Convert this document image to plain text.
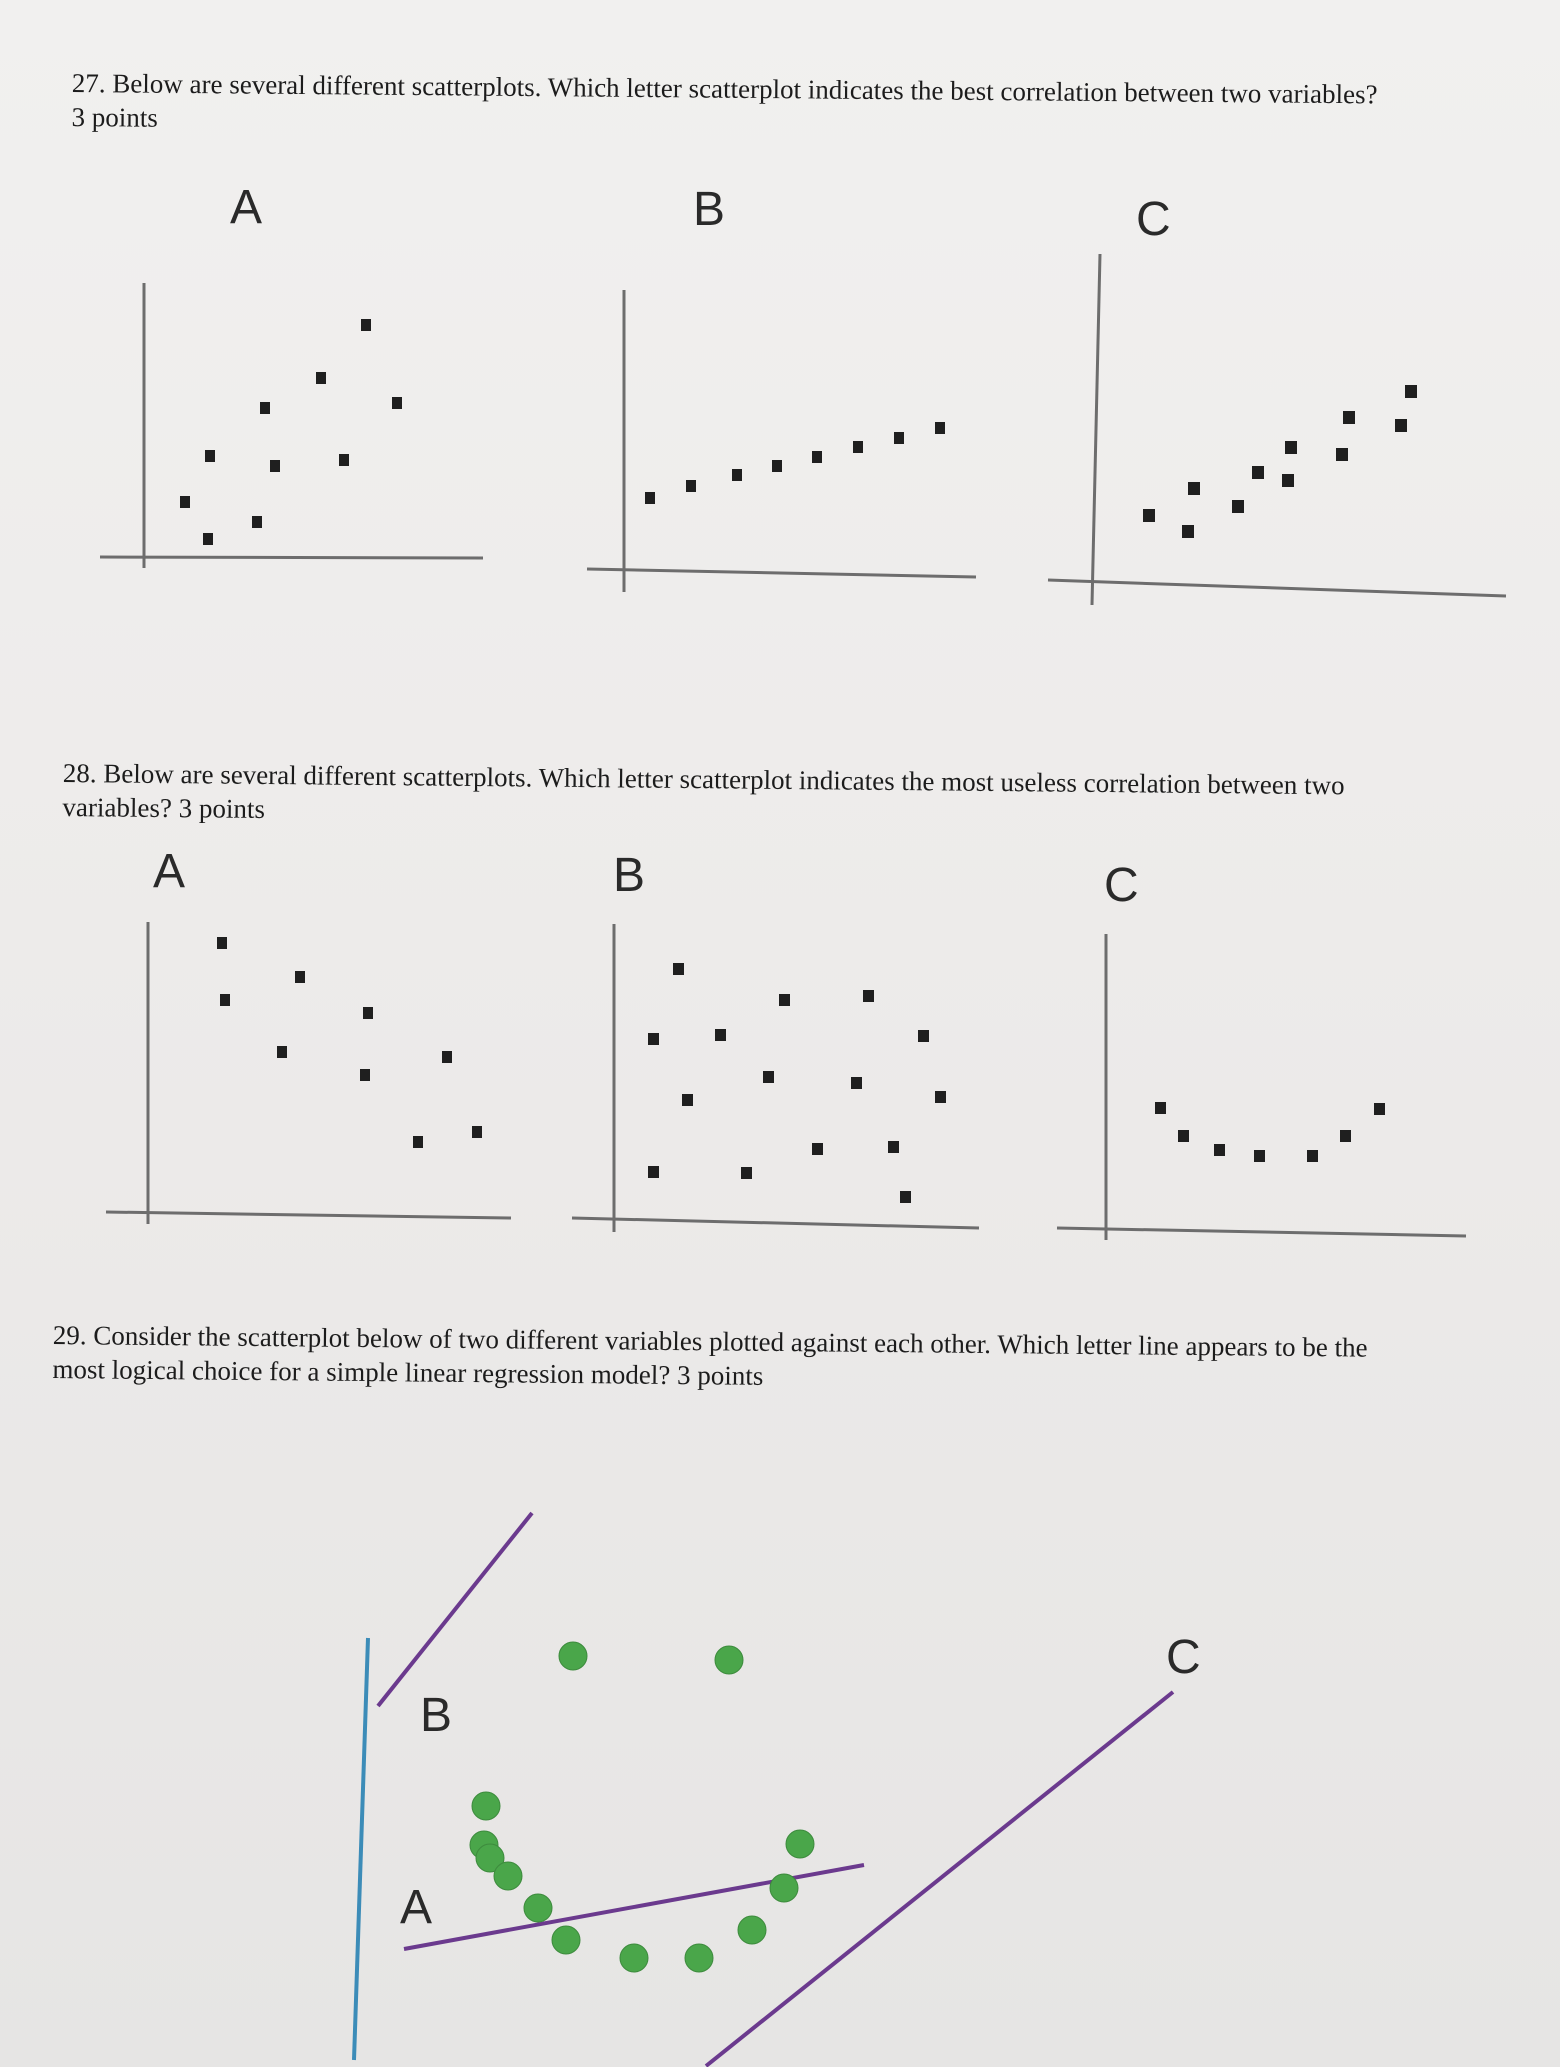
27. Below are several different scatterplots. Which letter scatterplot indicates the best correlation between two variables?
3 points

A	B	C

28. Below are several different scatterplots. Which letter scatterplot indicates the most useless correlation between two
variables? 3 points

A	B	C

29. Consider the scatterplot below of two different variables plotted against each other. Which letter line appears to be the
most logical choice for a simple linear regression model? 3 points

B
A
C
